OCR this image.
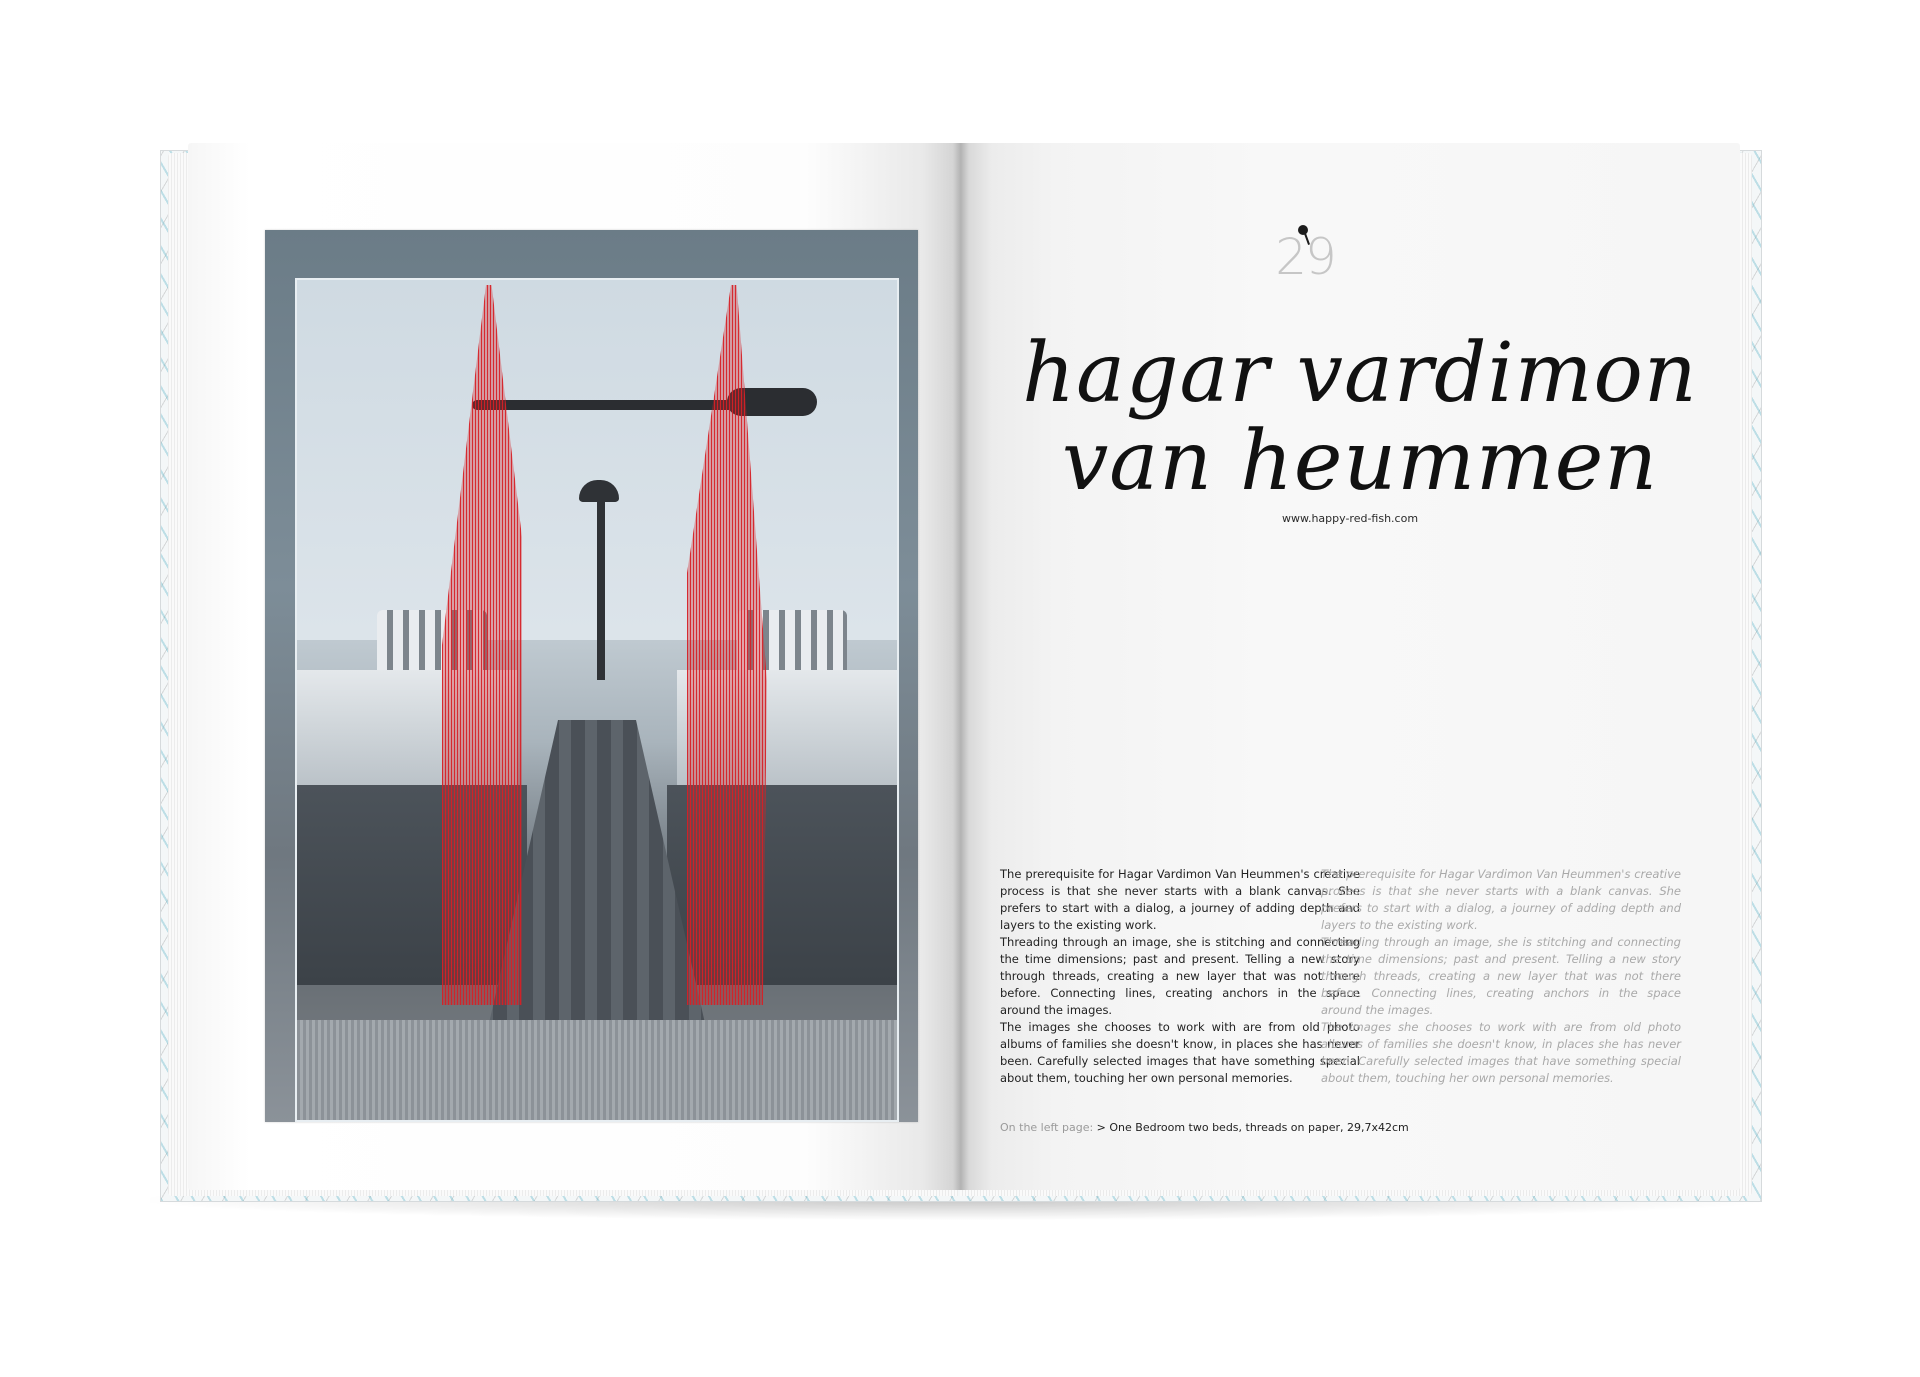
29
hagar vardimon
van heummen
www.happy-red-fish.com

The prerequisite for Hagar Vardimon Van Heummen's creative process is that she never starts with a blank canvas. She prefers to start with a dialog, a journey of adding depth and layers to the existing work.

Threading through an image, she is stitching and connecting the time dimensions; past and present. Telling a new story through threads, creating a new layer that was not there before. Connecting lines, creating anchors in the space around the images.

The images she chooses to work with are from old photo albums of families she doesn't know, in places she has never been. Carefully selected images that have something special about them, touching her own personal memories.

The prerequisite for Hagar Vardimon Van Heummen's creative process is that she never starts with a blank canvas. She prefers to start with a dialog, a journey of adding depth and layers to the existing work.

Threading through an image, she is stitching and connecting the time dimensions; past and present. Telling a new story through threads, creating a new layer that was not there before. Connecting lines, creating anchors in the space around the images.

The images she chooses to work with are from old photo albums of families she doesn't know, in places she has never been. Carefully selected images that have something special about them, touching her own personal memories.

On the left page: > One Bedroom two beds, threads on paper, 29,7x42cm
